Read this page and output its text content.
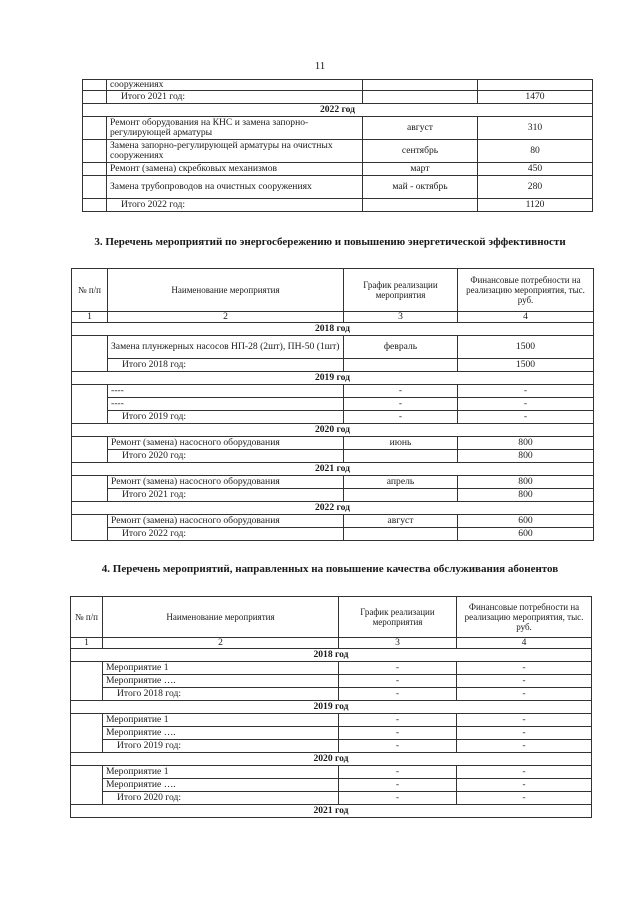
11
	сооружениях		
	Итого 2021 год:		1470
2022 год			
	Ремонт оборудования на КНС и замена запорно-регулирующей арматуры	август	310
	Замена запорно-регулирующей арматуры на очистных сооружениях	сентябрь	80
	Ремонт (замена) скребковых механизмов	март	450
	Замена трубопроводов на очистных сооружениях	май - октябрь	280
	Итого 2022 год:		1120
3. Перечень мероприятий по энергосбережению и повышению энергетической эффективности
№ п/п	Наименование мероприятия	График реализации мероприятия	Финансовые потребности на реализацию мероприятия, тыс. руб.
1	2	3	4
2018 год			
	Замена плунжерных насосов НП-28 (2шт), ПН-50 (1шт)	февраль	1500
	Итого 2018 год:		1500
2019 год			
	----	-	-
	----	-	-
	Итого 2019 год:	-	-
2020 год			
	Ремонт (замена) насосного оборудования	июнь	800
	Итого 2020 год:		800
2021 год			
	Ремонт (замена) насосного оборудования	апрель	800
	Итого 2021 год:		800
2022 год			
	Ремонт (замена) насосного оборудования	август	600
	Итого 2022 год:		600
4. Перечень мероприятий, направленных на повышение качества обслуживания абонентов
№ п/п	Наименование мероприятия	График реализации мероприятия	Финансовые потребности на реализацию мероприятия, тыс. руб.
1	2	3	4
2018 год			
	Мероприятие 1	-	-
	Мероприятие ….	-	-
	Итого 2018 год:	-	-
2019 год			
	Мероприятие 1	-	-
	Мероприятие ….	-	-
	Итого 2019 год:	-	-
2020 год			
	Мероприятие 1	-	-
	Мероприятие ….	-	-
	Итого 2020 год:	-	-
2021 год			
